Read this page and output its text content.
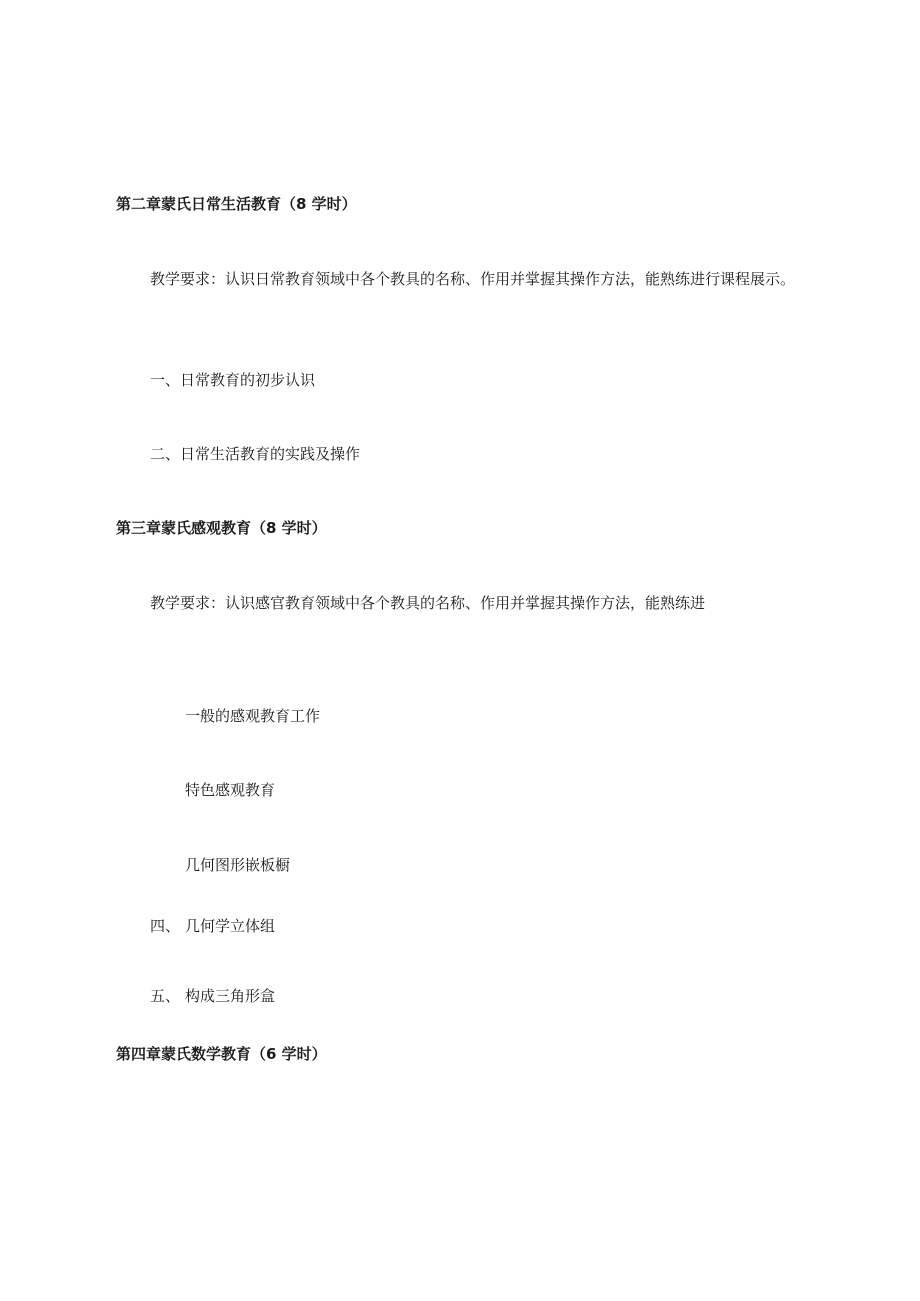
第二章蒙氏日常生活教育（8 学时）
教学要求：认识日常教育领域中各个教具的名称、作用并掌握其操作方法，能熟练进行课程展示。
一、日常教育的初步认识
二、日常生活教育的实践及操作
第三章蒙氏感观教育（8 学时）
教学要求：认识感官教育领域中各个教具的名称、作用并掌握其操作方法，能熟练进
一般的感观教育工作
特色感观教育
几何图形嵌板橱
四、 几何学立体组
五、 构成三角形盒
第四章蒙氏数学教育（6 学时）
